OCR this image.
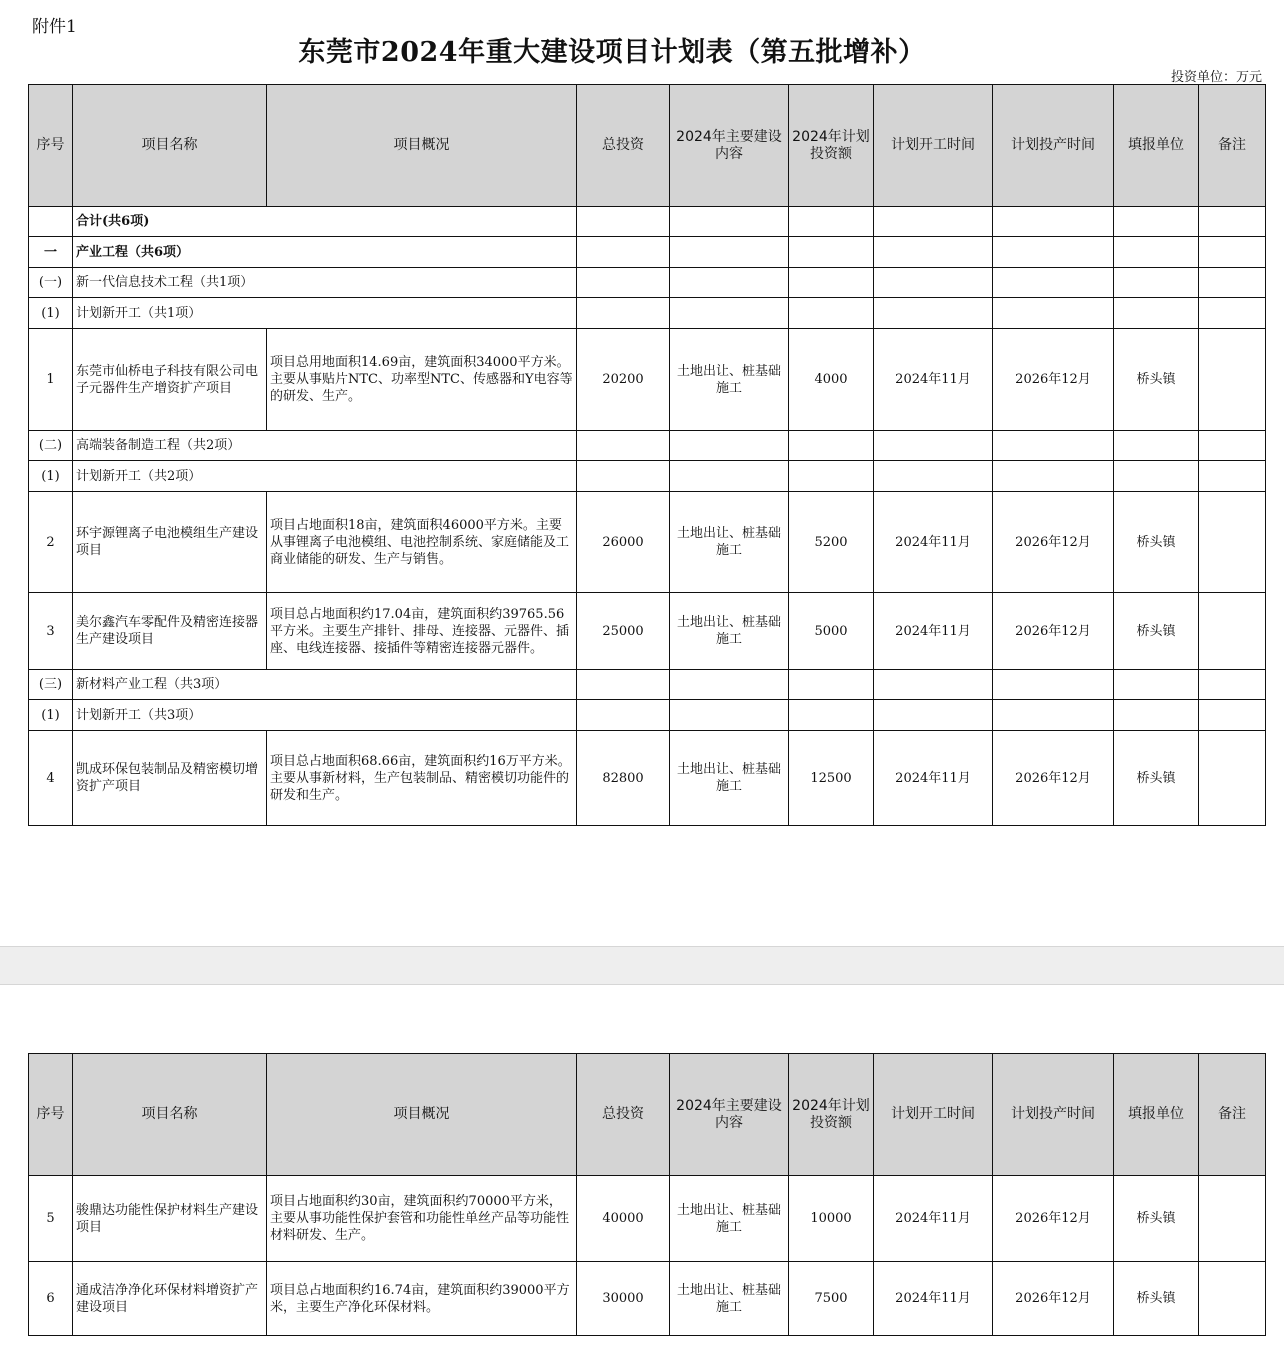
附件1
东莞市2024年重大建设项目计划表（第五批增补）
投资单位：万元
序号	项目名称	项目概况	总投资	2024年主要建设内容	2024年计划投资额	计划开工时间	计划投产时间	填报单位	备注
	合计(共6项)								
一	产业工程（共6项）								
(一)	新一代信息技术工程（共1项）								
(1)	计划新开工（共1项）								
1	东莞市仙桥电子科技有限公司电子元器件生产增资扩产项目	项目总用地面积14.69亩，建筑面积34000平方米。主要从事贴片NTC、功率型NTC、传感器和Y电容等的研发、生产。	20200	土地出让、桩基础施工	4000	2024年11月	2026年12月	桥头镇	
(二)	高端装备制造工程（共2项）								
(1)	计划新开工（共2项）								
2	环宇源锂离子电池模组生产建设项目	项目占地面积18亩，建筑面积46000平方米。主要从事锂离子电池模组、电池控制系统、家庭储能及工商业储能的研发、生产与销售。	26000	土地出让、桩基础施工	5200	2024年11月	2026年12月	桥头镇	
3	美尔鑫汽车零配件及精密连接器生产建设项目	项目总占地面积约17.04亩，建筑面积约39765.56平方米。主要生产排针、排母、连接器、元器件、插座、电线连接器、接插件等精密连接器元器件。	25000	土地出让、桩基础施工	5000	2024年11月	2026年12月	桥头镇	
(三)	新材料产业工程（共3项）								
(1)	计划新开工（共3项）								
4	凯成环保包装制品及精密模切增资扩产项目	项目总占地面积68.66亩，建筑面积约16万平方米。主要从事新材料，生产包装制品、精密模切功能件的研发和生产。	82800	土地出让、桩基础施工	12500	2024年11月	2026年12月	桥头镇	
序号	项目名称	项目概况	总投资	2024年主要建设内容	2024年计划投资额	计划开工时间	计划投产时间	填报单位	备注
5	骏鼎达功能性保护材料生产建设项目	项目占地面积约30亩，建筑面积约70000平方米，主要从事功能性保护套管和功能性单丝产品等功能性材料研发、生产。	40000	土地出让、桩基础施工	10000	2024年11月	2026年12月	桥头镇	
6	通成洁净净化环保材料增资扩产建设项目	项目总占地面积约16.74亩，建筑面积约39000平方米，主要生产净化环保材料。	30000	土地出让、桩基础施工	7500	2024年11月	2026年12月	桥头镇	
